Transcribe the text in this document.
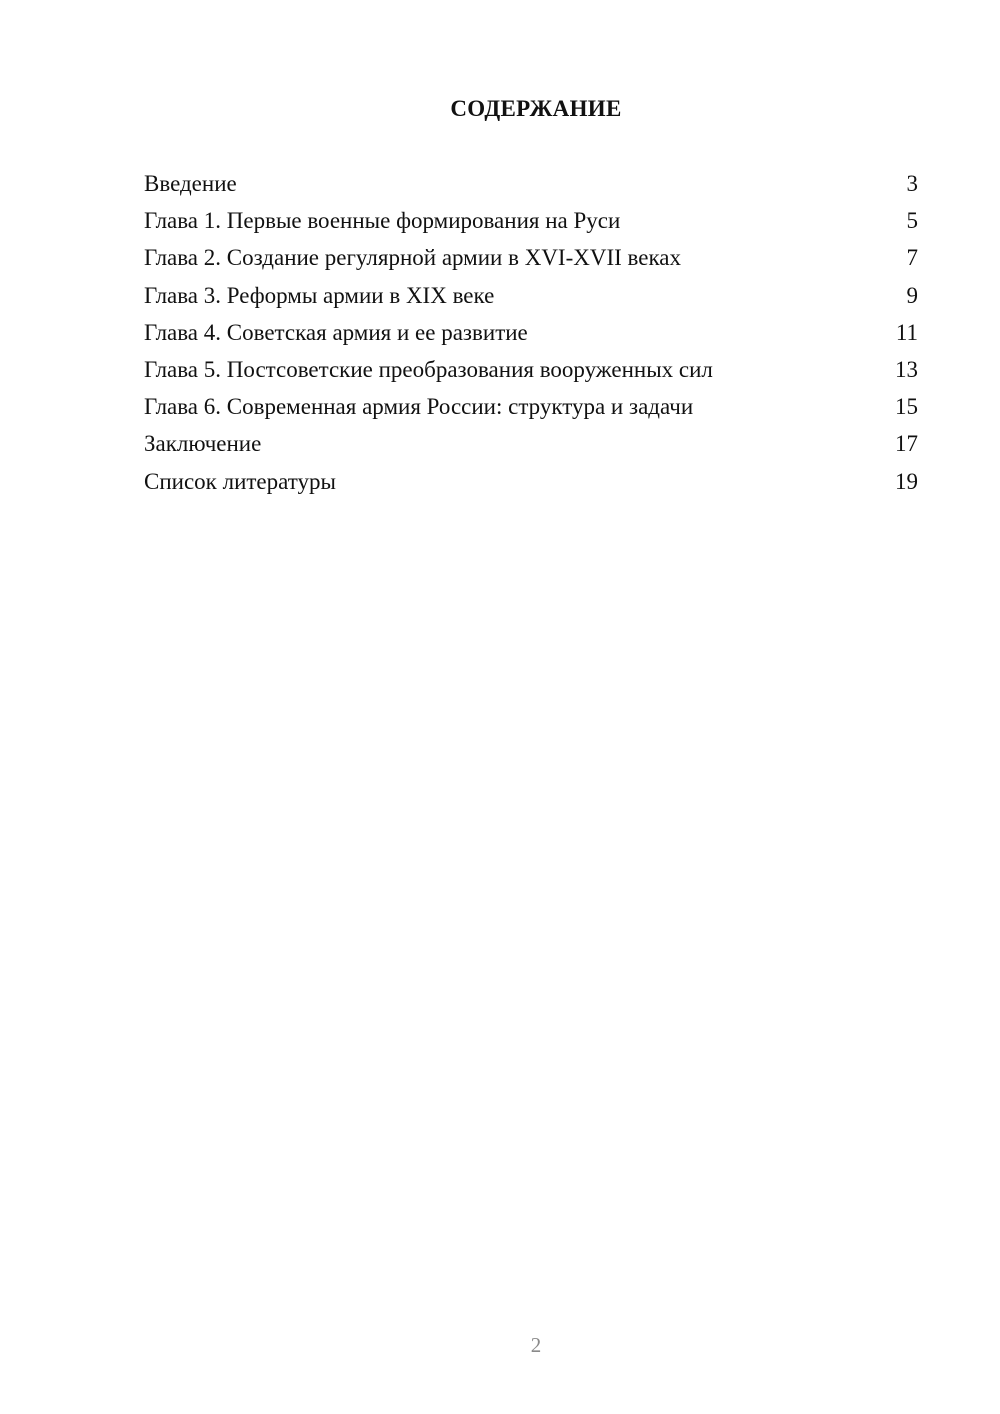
СОДЕРЖАНИЕ
Введение	3
Глава 1. Первые военные формирования на Руси	5
Глава 2. Создание регулярной армии в XVI-XVII веках	7
Глава 3. Реформы армии в XIX веке	9
Глава 4. Советская армия и ее развитие	11
Глава 5. Постсоветские преобразования вооруженных сил	13
Глава 6. Современная армия России: структура и задачи	15
Заключение	17
Список литературы	19
2
